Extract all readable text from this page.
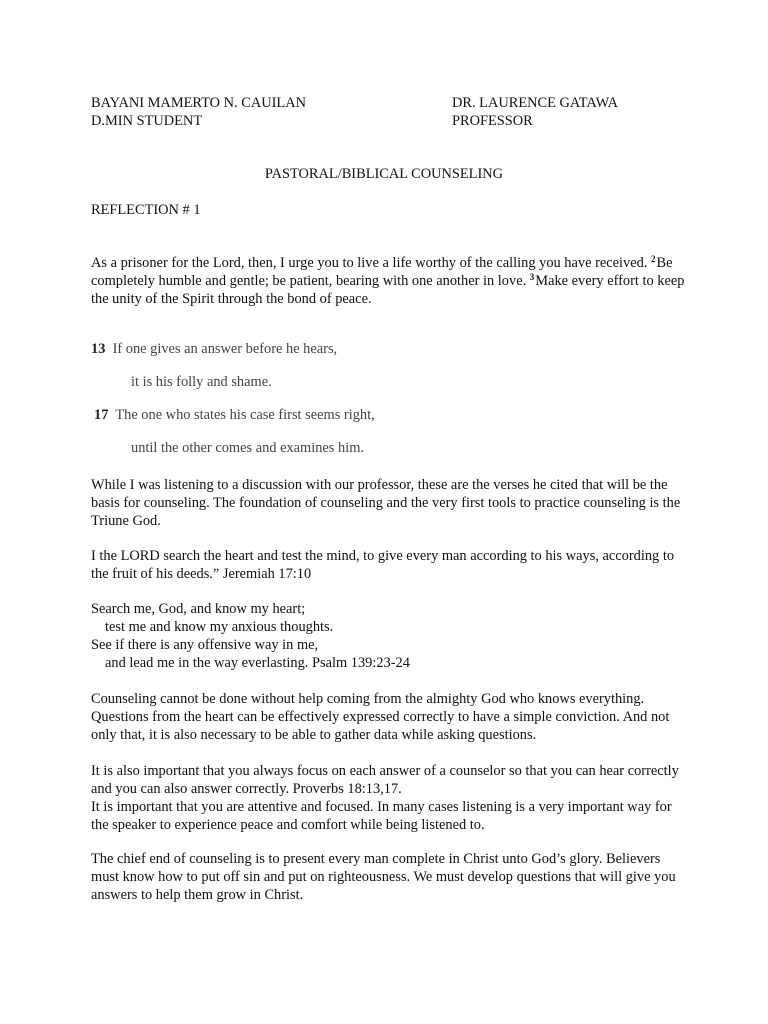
BAYANI MAMERTO N. CAUILAN
D.MIN STUDENT
DR. LAURENCE GATAWA
PROFESSOR
PASTORAL/BIBLICAL COUNSELING
REFLECTION # 1

As a prisoner for the Lord, then, I urge you to live a life worthy of the calling you have received. $^2$Be completely humble and gentle; be patient, bearing with one another in love. $^3$Make every effort to keep the unity of the Spirit through the bond of peace.

13 If one gives an answer before he hears,
it is his folly and shame.
17 The one who states his case first seems right,
until the other comes and examines him.

While I was listening to a discussion with our professor, these are the verses he cited that will be the basis for counseling. The foundation of counseling and the very first tools to practice counseling is the Triune God.

I the LORD search the heart and test the mind, to give every man according to his ways, according to the fruit of his deeds.” Jeremiah 17:10

Search me, God, and know my heart;
test me and know my anxious thoughts.
See if there is any offensive way in me,
and lead me in the way everlasting. Psalm 139:23-24

Counseling cannot be done without help coming from the almighty God who knows everything. Questions from the heart can be effectively expressed correctly to have a simple conviction. And not only that, it is also necessary to be able to gather data while asking questions.

It is also important that you always focus on each answer of a counselor so that you can hear correctly and you can also answer correctly. Proverbs 18:13,17.
It is important that you are attentive and focused. In many cases listening is a very important way for the speaker to experience peace and comfort while being listened to.

The chief end of counseling is to present every man complete in Christ unto God’s glory. Believers must know how to put off sin and put on righteousness. We must develop questions that will give you answers to help them grow in Christ.
